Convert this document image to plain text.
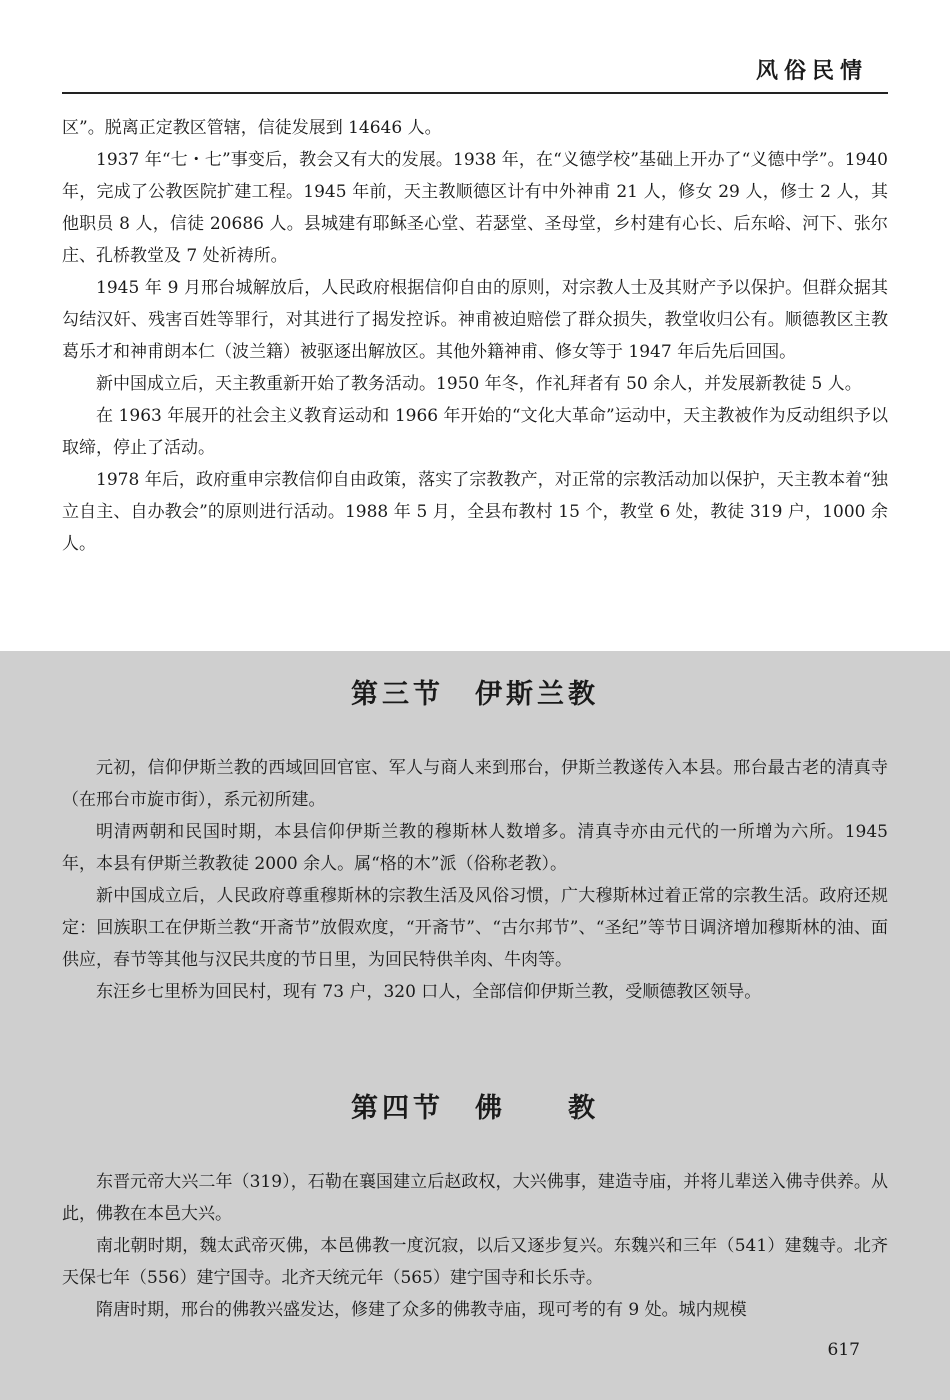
风俗民情

区”。脱离正定教区管辖，信徒发展到 14646 人。

1937 年“七・七”事变后，教会又有大的发展。1938 年，在“义德学校”基础上开办了“义德中学”。1940 年，完成了公教医院扩建工程。1945 年前，天主教顺德区计有中外神甫 21 人，修女 29 人，修士 2 人，其他职员 8 人，信徒 20686 人。县城建有耶稣圣心堂、若瑟堂、圣母堂，乡村建有心长、后东峪、河下、张尔庄、孔桥教堂及 7 处祈祷所。

1945 年 9 月邢台城解放后，人民政府根据信仰自由的原则，对宗教人士及其财产予以保护。但群众据其勾结汉奸、残害百姓等罪行，对其进行了揭发控诉。神甫被迫赔偿了群众损失，教堂收归公有。顺德教区主教葛乐才和神甫朗本仁（波兰籍）被驱逐出解放区。其他外籍神甫、修女等于 1947 年后先后回国。

新中国成立后，天主教重新开始了教务活动。1950 年冬，作礼拜者有 50 余人，并发展新教徒 5 人。

在 1963 年展开的社会主义教育运动和 1966 年开始的“文化大革命”运动中，天主教被作为反动组织予以取缔，停止了活动。

1978 年后，政府重申宗教信仰自由政策，落实了宗教教产，对正常的宗教活动加以保护，天主教本着“独立自主、自办教会”的原则进行活动。1988 年 5 月，全县布教村 15 个，教堂 6 处，教徒 319 户，1000 余人。

第三节　伊斯兰教

元初，信仰伊斯兰教的西域回回官宦、军人与商人来到邢台，伊斯兰教遂传入本县。邢台最古老的清真寺（在邢台市旋市街），系元初所建。

明清两朝和民国时期，本县信仰伊斯兰教的穆斯林人数增多。清真寺亦由元代的一所增为六所。1945 年，本县有伊斯兰教教徒 2000 余人。属“格的木”派（俗称老教）。

新中国成立后，人民政府尊重穆斯林的宗教生活及风俗习惯，广大穆斯林过着正常的宗教生活。政府还规定：回族职工在伊斯兰教“开斋节”放假欢度，“开斋节”、“古尔邦节”、“圣纪”等节日调济增加穆斯林的油、面供应，春节等其他与汉民共度的节日里，为回民特供羊肉、牛肉等。

东汪乡七里桥为回民村，现有 73 户，320 口人，全部信仰伊斯兰教，受顺德教区领导。

第四节　佛　　教

东晋元帝大兴二年（319），石勒在襄国建立后赵政权，大兴佛事，建造寺庙，并将儿辈送入佛寺供养。从此，佛教在本邑大兴。

南北朝时期，魏太武帝灭佛，本邑佛教一度沉寂，以后又逐步复兴。东魏兴和三年（541）建魏寺。北齐天保七年（556）建宁国寺。北齐天统元年（565）建宁国寺和长乐寺。

隋唐时期，邢台的佛教兴盛发达，修建了众多的佛教寺庙，现可考的有 9 处。城内规模

617
